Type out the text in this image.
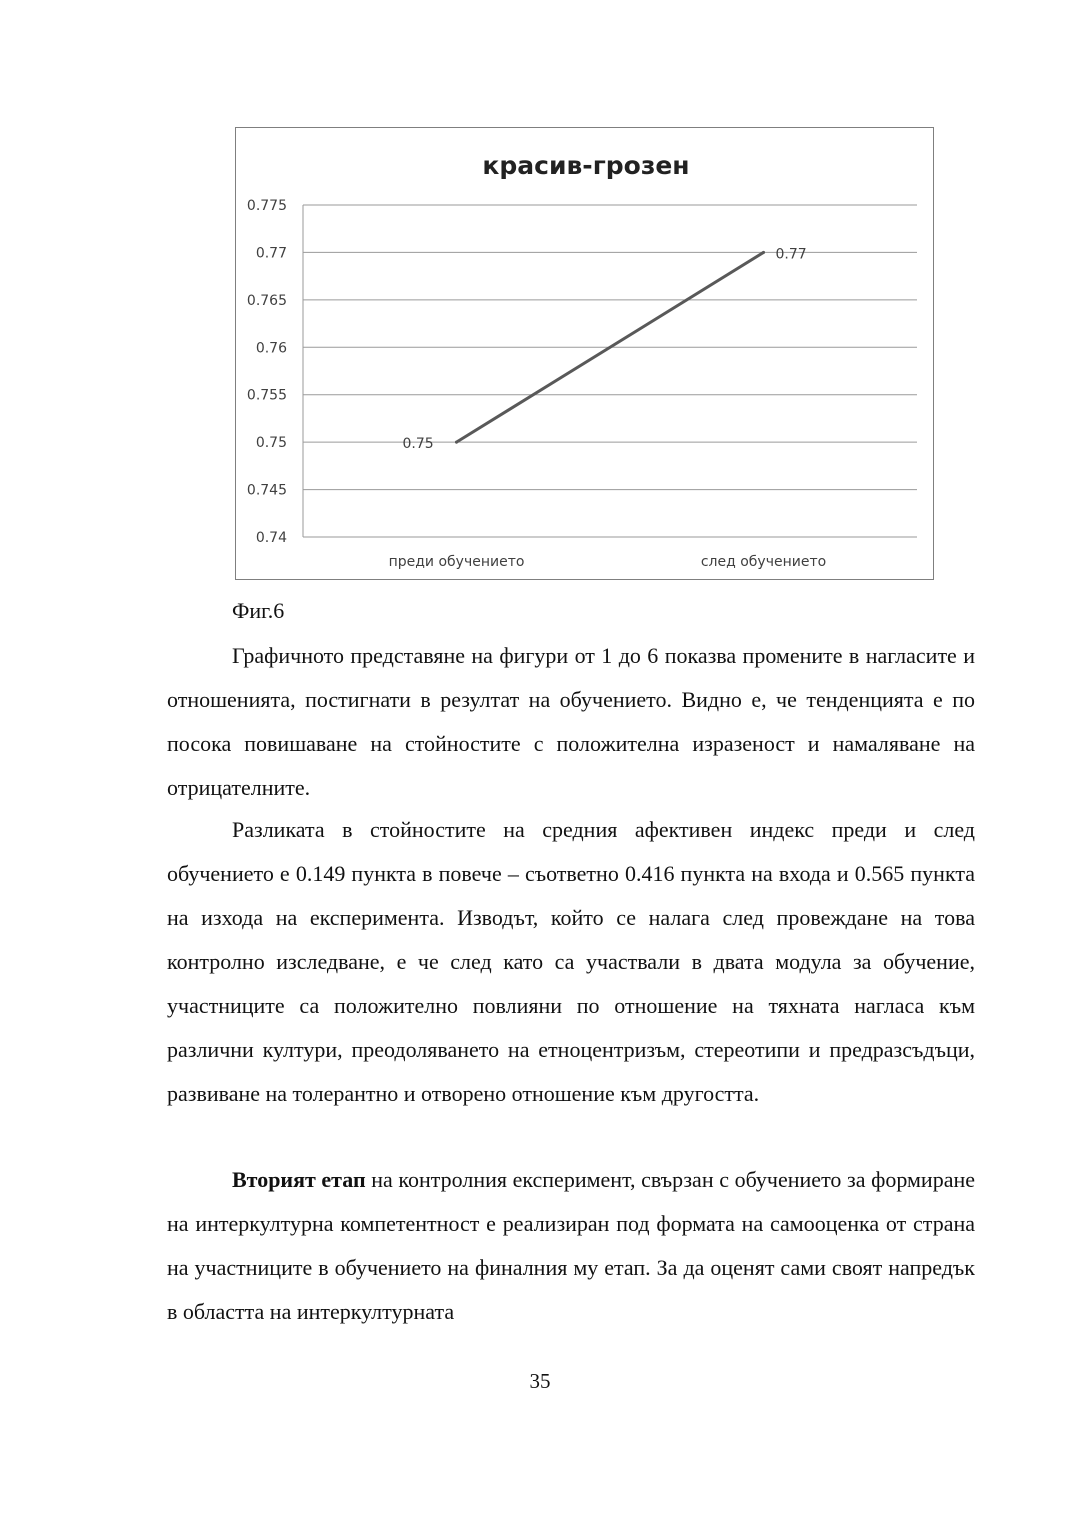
красив-грозен
0.775
0.77
0.765
0.76
0.755
0.75
0.745
0.74
преди обучението	след обучението
0.75
0.77
Фиг.6

Графичното представяне на фигури от 1 до 6 показва промените в нагласите и отношенията, постигнати в резултат на обучението. Видно е, че тенденцията е по посока повишаване на стойностите с положителна изразеност и намаляване на отрицателните.

Разликата в стойностите на средния афективен индекс преди и след обучението е 0.149 пункта в повече – съответно 0.416 пункта на входа и 0.565 пункта на изхода на експеримента. Изводът, който се налага след провеждане на това контролно изследване, е че след като са участвали в двата модула за обучение, участниците са положително повлияни по отношение на тяхната нагласа към различни култури, преодоляването на етноцентризъм, стереотипи и предразсъдъци, развиване на толерантно и отворено отношение към другостта.

Вторият етап на контролния експеримент, свързан с обучението за формиране на интеркултурна компетентност е реализиран под формата на самооценка от страна на участниците в обучението на финалния му етап. За да оценят сами своят напредък в областта на интеркултурната

35
